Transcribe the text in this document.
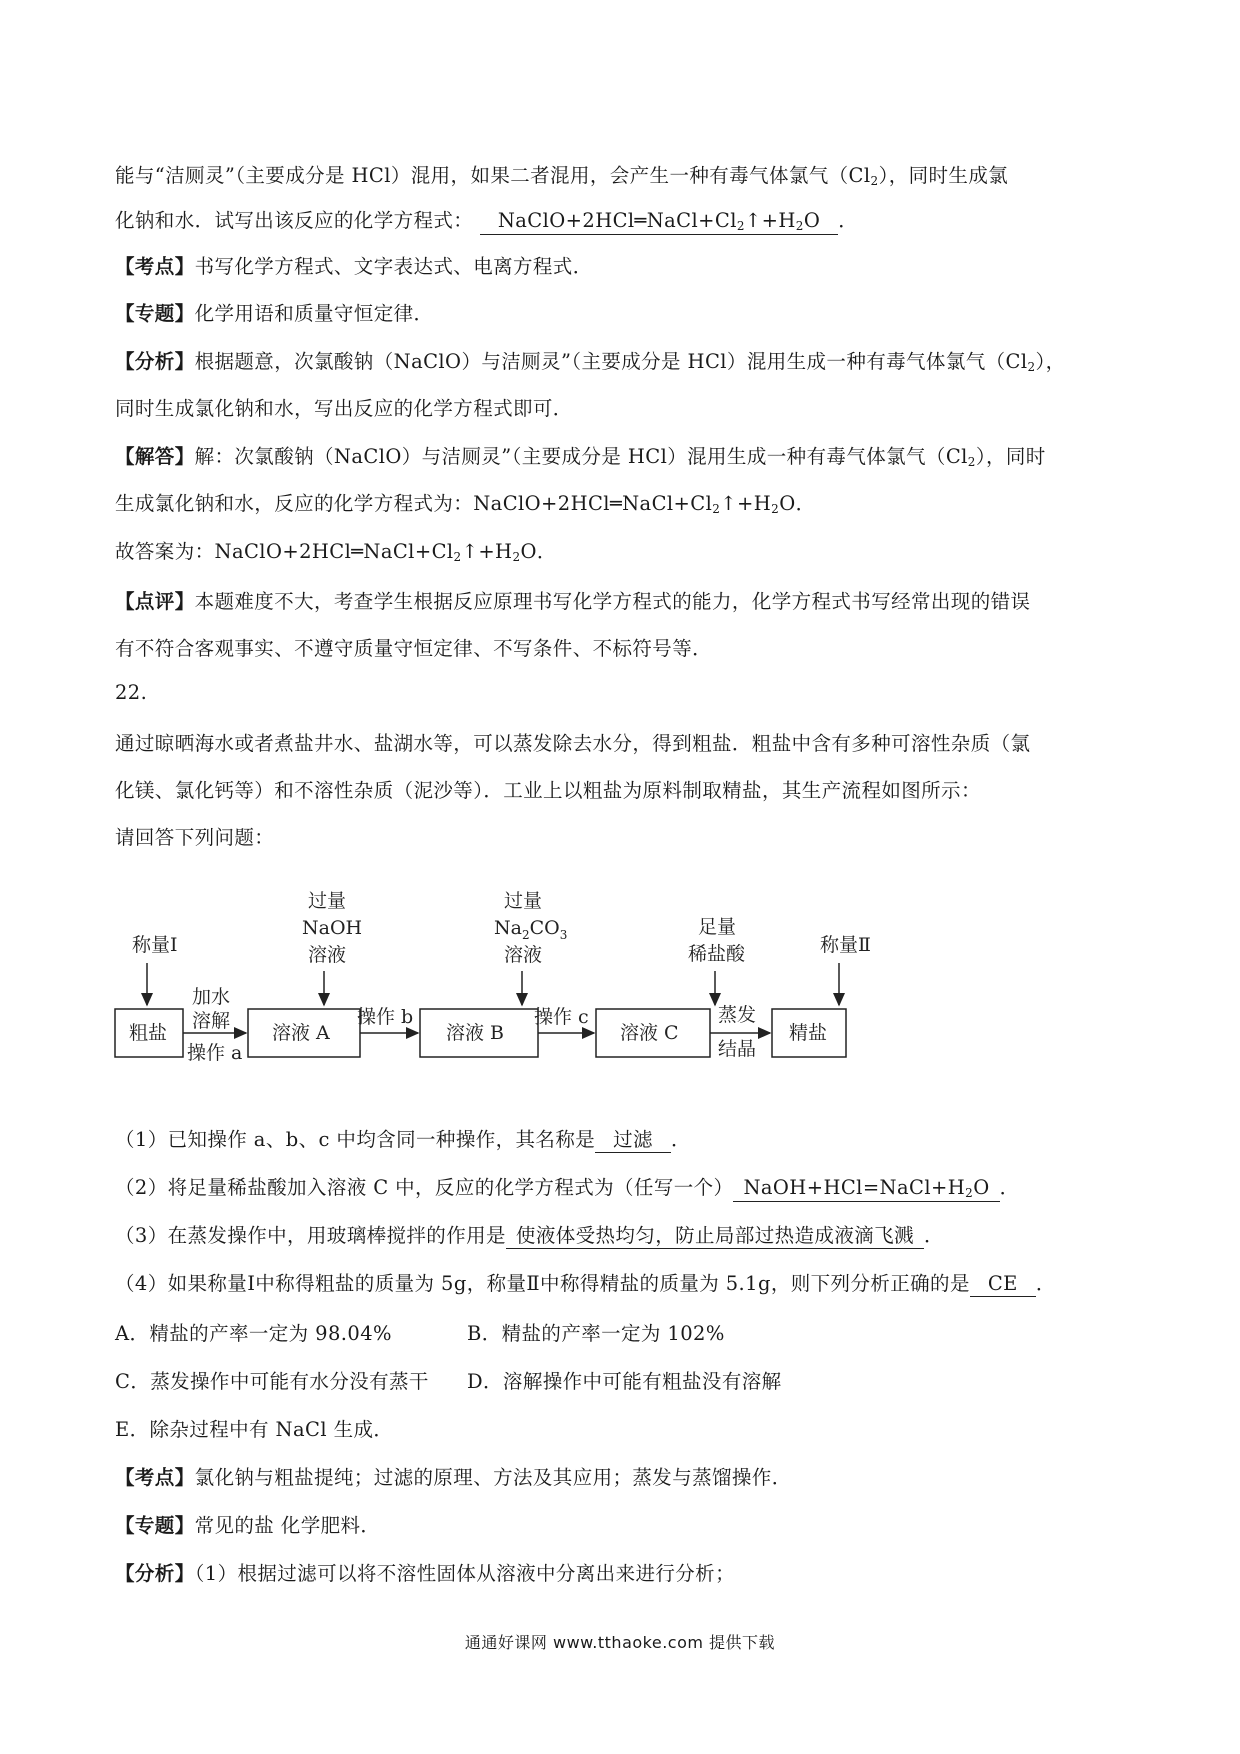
能与“洁厕灵”（主要成分是 HCl）混用，如果二者混用，会产生一种有毒气体氯气$(Cl_2)$，同时生成氯
化钠和水．试写出该反应的化学方程式： $NaClO+2HCl═NaCl+Cl_2↑+H_2O$ ．
【考点】书写化学方程式、文字表达式、电离方程式．
【专题】化学用语和质量守恒定律．
【分析】根据题意，次氯酸钠（NaClO）与洁厕灵”（主要成分是 HCl）混用生成一种有毒气体氯气$(Cl_2)$，
同时生成氯化钠和水，写出反应的化学方程式即可．
【解答】解：次氯酸钠（NaClO）与洁厕灵”（主要成分是 HCl）混用生成一种有毒气体氯气$(Cl_2)$，同时
生成氯化钠和水，反应的化学方程式为：$NaClO+2HCl═NaCl+Cl_2↑+H_2O$．
故答案为：$NaClO+2HCl═NaCl+Cl_2↑+H_2O$．
【点评】本题难度不大，考查学生根据反应原理书写化学方程式的能力，化学方程式书写经常出现的错误
有不符合客观事实、不遵守质量守恒定律、不写条件、不标符号等．
22.
通过晾晒海水或者煮盐井水、盐湖水等，可以蒸发除去水分，得到粗盐．粗盐中含有多种可溶性杂质（氯
化镁、氯化钙等）和不溶性杂质（泥沙等）．工业上以粗盐为原料制取精盐，其生产流程如图所示：
请回答下列问题：
称量Ⅰ
过量
NaOH
溶液
过量
$Na_2CO_3$
溶液
足量
稀盐酸	称量Ⅱ
粗盐	溶液 A	溶液 B	溶液 C	精盐
加水
溶解
操作 a
操作 b	操作 c	蒸发
结晶
（1）已知操作 a、b、c 中均含同一种操作，其名称是 过滤 ．
（2）将足量稀盐酸加入溶液 C 中，反应的化学方程式为（任写一个） $NaOH+HCl=NaCl+H_2O$ ．
（3）在蒸发操作中，用玻璃棒搅拌的作用是 使液体受热均匀，防止局部过热造成液滴飞溅 ．
（4）如果称量Ⅰ中称得粗盐的质量为 5g，称量Ⅱ中称得精盐的质量为 5.1g，则下列分析正确的是 CE ．
A．精盐的产率一定为 98.04%	B．精盐的产率一定为 102%
C．蒸发操作中可能有水分没有蒸干 D．溶解操作中可能有粗盐没有溶解
E．除杂过程中有 NaCl 生成．
【考点】氯化钠与粗盐提纯；过滤的原理、方法及其应用；蒸发与蒸馏操作．
【专题】常见的盐 化学肥料．
【分析】（1）根据过滤可以将不溶性固体从溶液中分离出来进行分析；
通通好课网 www.tthaoke.com 提供下载
